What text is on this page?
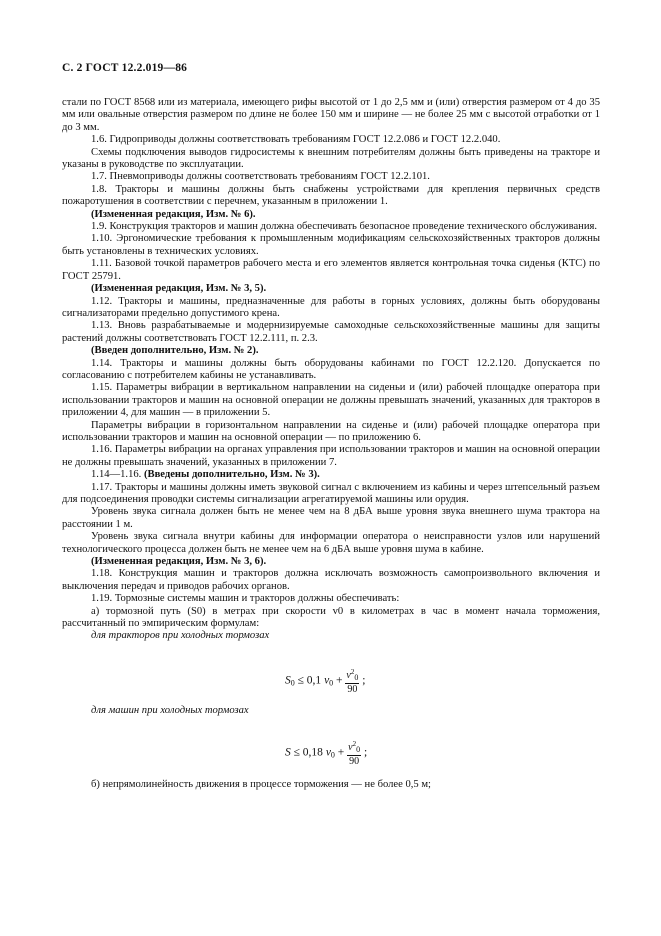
С. 2 ГОСТ 12.2.019—86

стали по ГОСТ 8568 или из материала, имеющего рифы высотой от 1 до 2,5 мм и (или) отверстия размером от 4 до 35 мм или овальные отверстия размером по длине не более 150 мм и ширине — не более 25 мм с высотой отработки от 1 до 3 мм.

1.6. Гидроприводы должны соответствовать требованиям ГОСТ 12.2.086 и ГОСТ 12.2.040.

Схемы подключения выводов гидросистемы к внешним потребителям должны быть приведены на тракторе и указаны в руководстве по эксплуатации.

1.7. Пневмоприводы должны соответствовать требованиям ГОСТ 12.2.101.

1.8. Тракторы и машины должны быть снабжены устройствами для крепления первичных средств пожаротушения в соответствии с перечнем, указанным в приложении 1.

(Измененная редакция, Изм. № 6).

1.9. Конструкция тракторов и машин должна обеспечивать безопасное проведение технического обслуживания.

1.10. Эргономические требования к промышленным модификациям сельскохозяйственных тракторов должны быть установлены в технических условиях.

1.11. Базовой точкой параметров рабочего места и его элементов является контрольная точка сиденья (КТС) по ГОСТ 25791.

(Измененная редакция, Изм. № 3, 5).

1.12. Тракторы и машины, предназначенные для работы в горных условиях, должны быть оборудованы сигнализаторами предельно допустимого крена.

1.13. Вновь разрабатываемые и модернизируемые самоходные сельскохозяйственные машины для защиты растений должны соответствовать ГОСТ 12.2.111, п. 2.3.

(Введен дополнительно, Изм. № 2).

1.14. Тракторы и машины должны быть оборудованы кабинами по ГОСТ 12.2.120. Допускается по согласованию с потребителем кабины не устанавливать.

1.15. Параметры вибрации в вертикальном направлении на сиденьи и (или) рабочей площадке оператора при использовании тракторов и машин на основной операции не должны превышать значений, указанных для тракторов в приложении 4, для машин — в приложении 5.

Параметры вибрации в горизонтальном направлении на сиденье и (или) рабочей площадке оператора при использовании тракторов и машин на основной операции — по приложению 6.

1.16. Параметры вибрации на органах управления при использовании тракторов и машин на основной операции не должны превышать значений, указанных в приложении 7.

1.14—1.16. (Введены дополнительно, Изм. № 3).

1.17. Тракторы и машины должны иметь звуковой сигнал с включением из кабины и через штепсельный разъем для подсоединения проводки системы сигнализации агрегатируемой машины или орудия.

Уровень звука сигнала должен быть не менее чем на 8 дБА выше уровня звука внешнего шума трактора на расстоянии 1 м.

Уровень звука сигнала внутри кабины для информации оператора о неисправности узлов или нарушений технологического процесса должен быть не менее чем на 6 дБА выше уровня шума в кабине.

(Измененная редакция, Изм. № 3, 6).

1.18. Конструкция машин и тракторов должна исключать возможность самопроизвольного включения и выключения передач и приводов рабочих органов.

1.19. Тормозные системы машин и тракторов должны обеспечивать:

а) тормозной путь (S0) в метрах при скорости v0 в километрах в час в момент начала торможения, рассчитанный по эмпирическим формулам:

для тракторов при холодных тормозах

$S_0 \le 0,1$ $v_0 + \frac{v^2_0}{90}$ ;

для машин при холодных тормозах

S ≤ 0,18 $v_0 + \frac{v^2_0}{90}$ ;

б) непрямолинейность движения в процессе торможения — не более 0,5 м;
